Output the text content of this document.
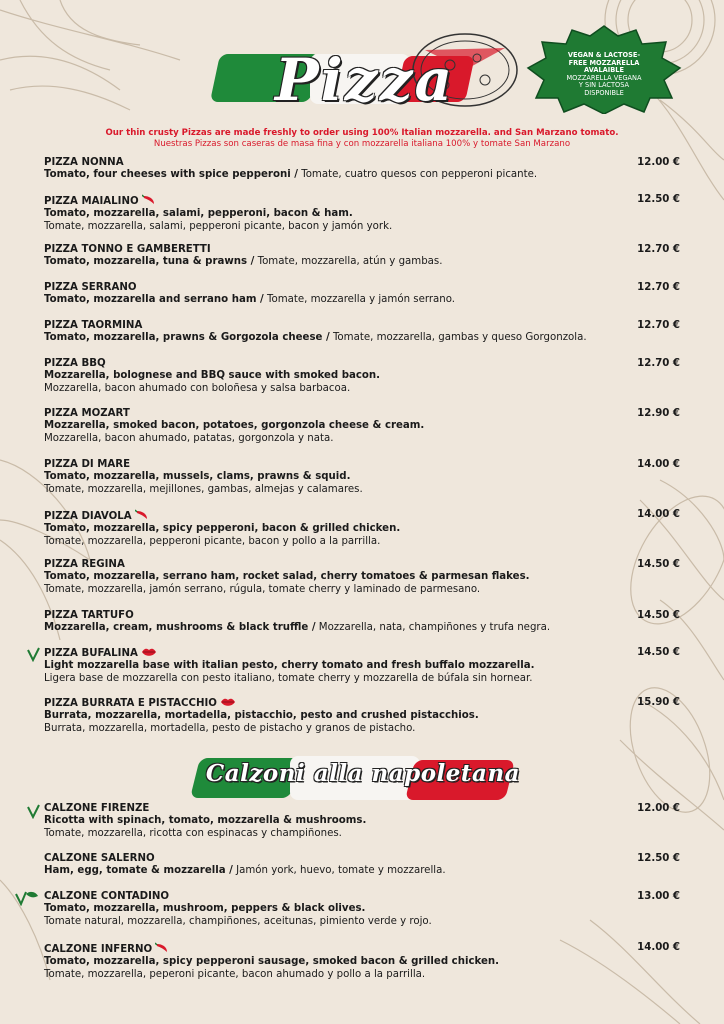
Pizza	VEGAN & LACTOSE-FREE MOZZARELLA AVALAIBLE
MOZZARELLA VEGANA Y SIN LACTOSA DISPONIBLE
Our thin crusty Pizzas are made freshly to order using 100% Italian mozzarella. and San Marzano tomato.
Nuestras Pizzas son caseras de masa fina y con mozzarella italiana 100% y tomate San Marzano
PIZZA NONNA	12.00 €
Tomato, four cheeses with spice pepperoni / Tomate, cuatro quesos con pepperoni picante.
PIZZA MAIALINO	12.50 €
Tomato, mozzarella, salami, pepperoni, bacon & ham.
Tomate, mozzarella, salami, pepperoni picante, bacon y jamón york.
PIZZA TONNO E GAMBERETTI	12.70 €
Tomato, mozzarella, tuna & prawns / Tomate, mozzarella, atún y gambas.
PIZZA SERRANO	12.70 €
Tomato, mozzarella and serrano ham / Tomate, mozzarella y jamón serrano.
PIZZA TAORMINA	12.70 €
Tomato, mozzarella, prawns & Gorgozola cheese / Tomate, mozzarella, gambas y queso Gorgonzola.
PIZZA BBQ	12.70 €
Mozzarella, bolognese and BBQ sauce with smoked bacon.
Mozzarella, bacon ahumado con boloñesa y salsa barbacoa.
PIZZA MOZART	12.90 €
Mozzarella, smoked bacon, potatoes, gorgonzola cheese & cream.
Mozzarella, bacon ahumado, patatas, gorgonzola y nata.
PIZZA DI MARE	14.00 €
Tomato, mozzarella, mussels, clams, prawns & squid.
Tomate, mozzarella, mejillones, gambas, almejas y calamares.
PIZZA DIAVOLA	14.00 €
Tomato, mozzarella, spicy pepperoni, bacon & grilled chicken.
Tomate, mozzarella, pepperoni picante, bacon y pollo a la parrilla.
PIZZA REGINA	14.50 €
Tomato, mozzarella, serrano ham, rocket salad, cherry tomatoes & parmesan flakes.
Tomate, mozzarella, jamón serrano, rúgula, tomate cherry y laminado de parmesano.
PIZZA TARTUFO	14.50 €
Mozzarella, cream, mushrooms & black truffle / Mozzarella, nata, champiñones y trufa negra.
PIZZA BUFALINA	14.50 €
Light mozzarella base with italian pesto, cherry tomato and fresh buffalo mozzarella.
Ligera base de mozzarella con pesto italiano, tomate cherry y mozzarella de búfala sin hornear.
PIZZA BURRATA E PISTACCHIO	15.90 €
Burrata, mozzarella, mortadella, pistacchio, pesto and crushed pistacchios.
Burrata, mozzarella, mortadella, pesto de pistacho y granos de pistacho.
Calzoni alla napoletana
CALZONE FIRENZE	12.00 €
Ricotta with spinach, tomato, mozzarella & mushrooms.
Tomate, mozzarella, ricotta con espinacas y champiñones.
CALZONE SALERNO	12.50 €
Ham, egg, tomate & mozzarella / Jamón york, huevo, tomate y mozzarella.
CALZONE CONTADINO	13.00 €
Tomato, mozzarella, mushroom, peppers & black olives.
Tomate natural, mozzarella, champiñones, aceitunas, pimiento verde y rojo.
CALZONE INFERNO	14.00 €
Tomato, mozzarella, spicy pepperoni sausage, smoked bacon & grilled chicken.
Tomate, mozzarella, peperoni picante, bacon ahumado y pollo a la parrilla.
